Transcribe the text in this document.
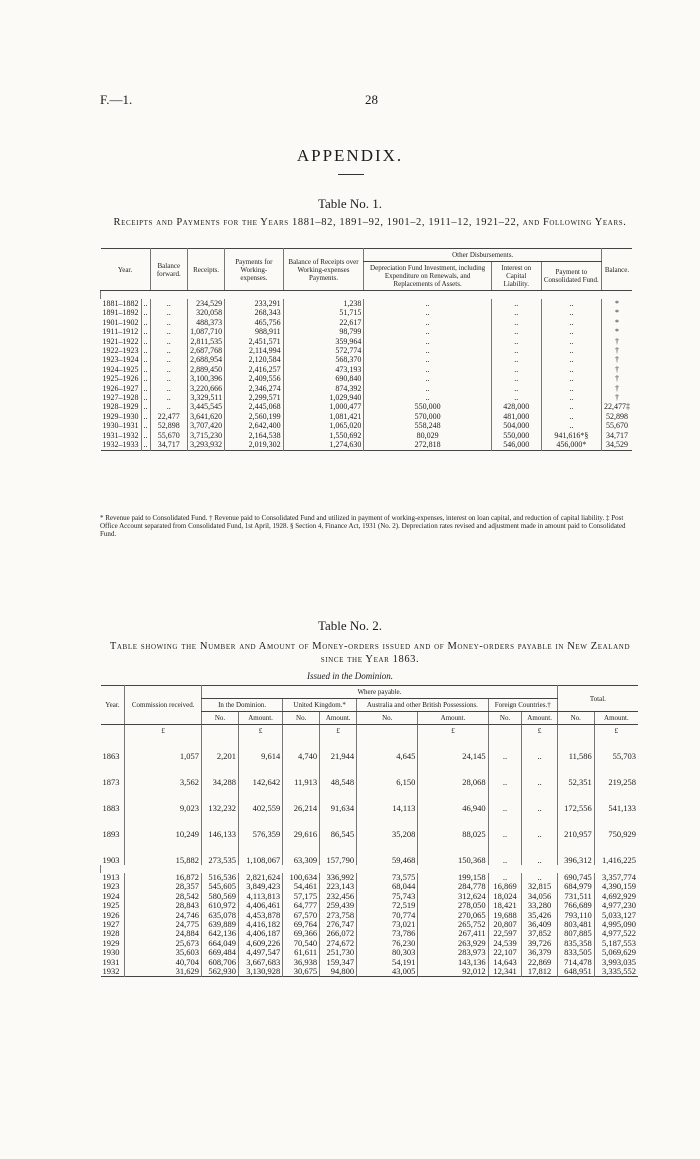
F.—1.	28
APPENDIX.
Table No. 1.
Receipts and Payments for the Years 1881–82, 1891–92, 1901–2, 1911–12, 1921–22, and Following Years.
Year.		Balance forward.	Receipts.	Payments for Working-expenses.	Balance of Receipts over Working-expenses Payments.	Other Disbursements.			Balance.
						Depreciation Fund Investment, including Expenditure on Renewals, and Replacements of Assets.	Interest on Capital Liability.	Payment to Consolidated Fund.	

1881–1882	..	..	234,529	233,291	1,238	..	..	..	*
1891–1892	..	..	320,058	268,343	51,715	..	..	..	*
1901–1902	..	..	488,373	465,756	22,617	..	..	..	*
1911–1912	..	..	1,087,710	988,911	98,799	..	..	..	*
1921–1922	..	..	2,811,535	2,451,571	359,964	..	..	..	†
1922–1923	..	..	2,687,768	2,114,994	572,774	..	..	..	†
1923–1924	..	..	2,688,954	2,120,584	568,370	..	..	..	†
1924–1925	..	..	2,889,450	2,416,257	473,193	..	..	..	†
1925–1926	..	..	3,100,396	2,409,556	690,840	..	..	..	†
1926–1927	..	..	3,220,666	2,346,274	874,392	..	..	..	†
1927–1928	..	..	3,329,511	2,299,571	1,029,940	..	..	..	†
1928–1929	..	..	3,445,545	2,445,068	1,000,477	550,000	428,000	..	22,477‡
1929–1930	..	22,477	3,641,620	2,560,199	1,081,421	570,000	481,000	..	52,898
1930–1931	..	52,898	3,707,420	2,642,400	1,065,020	558,248	504,000	..	55,670
1931–1932	..	55,670	3,715,230	2,164,538	1,550,692	80,029	550,000	941,616*§	34,717
1932–1933	..	34,717	3,293,932	2,019,302	1,274,630	272,818	546,000	456,000*	34,529
* Revenue paid to Consolidated Fund. † Revenue paid to Consolidated Fund and utilized in payment of working-expenses, interest on loan capital, and reduction of capital liability. ‡ Post Office Account separated from Consolidated Fund, 1st April, 1928. § Section 4, Finance Act, 1931 (No. 2). Depreciation rates revised and adjustment made in amount paid to Consolidated Fund.
Table No. 2.
Table showing the Number and Amount of Money-orders issued and of Money-orders payable in New Zealand since the Year 1863.
Issued in the Dominion.
Year.	Commission received.	Where payable.								Total.	
		In the Dominion.		United Kingdom.*		Australia and other British Possessions.		Foreign Countries.†			
		No.	Amount.	No.	Amount.	No.	Amount.	No.	Amount.	No.	Amount.
	£		£		£		£		£		£
1863	1,057	2,201	9,614	4,740	21,944	4,645	24,145	..	..	11,586	55,703
1873	3,562	34,288	142,642	11,913	48,548	6,150	28,068	..	..	52,351	219,258
1883	9,023	132,232	402,559	26,214	91,634	14,113	46,940	..	..	172,556	541,133
1893	10,249	146,133	576,359	29,616	86,545	35,208	88,025	..	..	210,957	750,929
1903	15,882	273,535	1,108,067	63,309	157,790	59,468	150,368	..	..	396,312	1,416,225

1913	16,872	516,536	2,821,624	100,634	336,992	73,575	199,158	..	..	690,745	3,357,774
1923	28,357	545,605	3,849,423	54,461	223,143	68,044	284,778	16,869	32,815	684,979	4,390,159
1924	28,542	580,569	4,113,813	57,175	232,456	75,743	312,624	18,024	34,056	731,511	4,692,929
1925	28,843	610,972	4,406,461	64,777	259,439	72,519	278,050	18,421	33,280	766,689	4,977,230
1926	24,746	635,078	4,453,878	67,570	273,758	70,774	270,065	19,688	35,426	793,110	5,033,127
1927	24,775	639,889	4,416,182	69,764	276,747	73,021	265,752	20,807	36,409	803,481	4,995,090
1928	24,884	642,136	4,406,187	69,366	266,072	73,786	267,411	22,597	37,852	807,885	4,977,522
1929	25,673	664,049	4,609,226	70,540	274,672	76,230	263,929	24,539	39,726	835,358	5,187,553
1930	35,603	669,484	4,497,547	61,611	251,730	80,303	283,973	22,107	36,379	833,505	5,069,629
1931	40,704	608,706	3,667,683	36,938	159,347	54,191	143,136	14,643	22,869	714,478	3,993,035
1932	31,629	562,930	3,130,928	30,675	94,800	43,005	92,012	12,341	17,812	648,951	3,335,552
